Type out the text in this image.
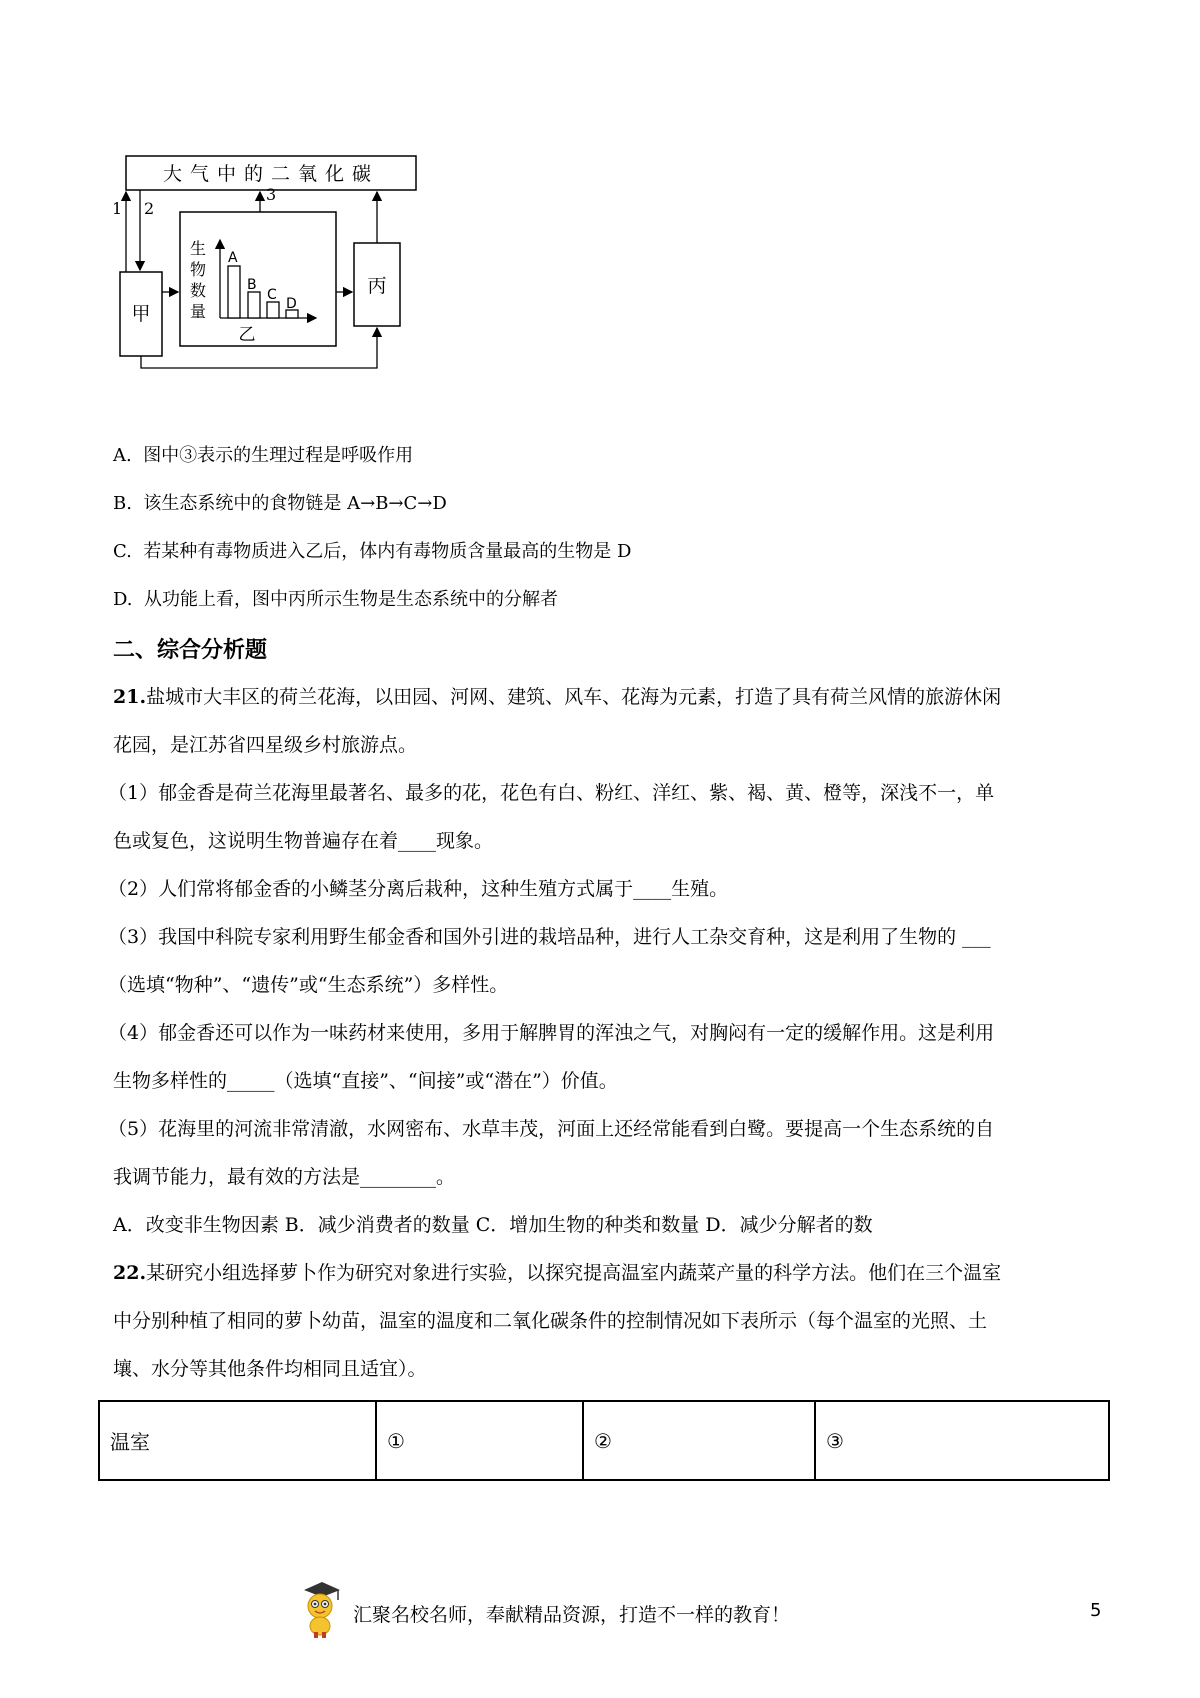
大气中的二氧化碳
甲
丙
1 2
3
生
物
数
量
A
B
C
D
乙
A. 图中③表示的生理过程是呼吸作用
B. 该生态系统中的食物链是 A→B→C→D
C. 若某种有毒物质进入乙后，体内有毒物质含量最高的生物是 D
D. 从功能上看，图中丙所示生物是生态系统中的分解者
二、综合分析题
21.盐城市大丰区的荷兰花海，以田园、河网、建筑、风车、花海为元素，打造了具有荷兰风情的旅游休闲
花园，是江苏省四星级乡村旅游点。
（1）郁金香是荷兰花海里最著名、最多的花，花色有白、粉红、洋红、紫、褐、黄、橙等，深浅不一，单
色或复色，这说明生物普遍存在着____现象。
（2）人们常将郁金香的小鳞茎分离后栽种，这种生殖方式属于____生殖。
（3）我国中科院专家利用野生郁金香和国外引进的栽培品种，进行人工杂交育种，这是利用了生物的 ___
（选填“物种”、“遗传”或“生态系统”）多样性。
（4）郁金香还可以作为一味药材来使用，多用于解脾胃的浑浊之气，对胸闷有一定的缓解作用。这是利用
生物多样性的_____（选填“直接”、“间接”或“潜在”）价值。
（5）花海里的河流非常清澈，水网密布、水草丰茂，河面上还经常能看到白鹭。要提高一个生态系统的自
我调节能力，最有效的方法是________。
A．改变非生物因素 B．减少消费者的数量 C．增加生物的种类和数量 D．减少分解者的数
22.某研究小组选择萝卜作为研究对象进行实验，以探究提高温室内蔬菜产量的科学方法。他们在三个温室
中分别种植了相同的萝卜幼苗，温室的温度和二氧化碳条件的控制情况如下表所示（每个温室的光照、土
壤、水分等其他条件均相同且适宜）。
温室	①	②	③
汇聚名校名师，奉献精品资源，打造不一样的教育！	5
